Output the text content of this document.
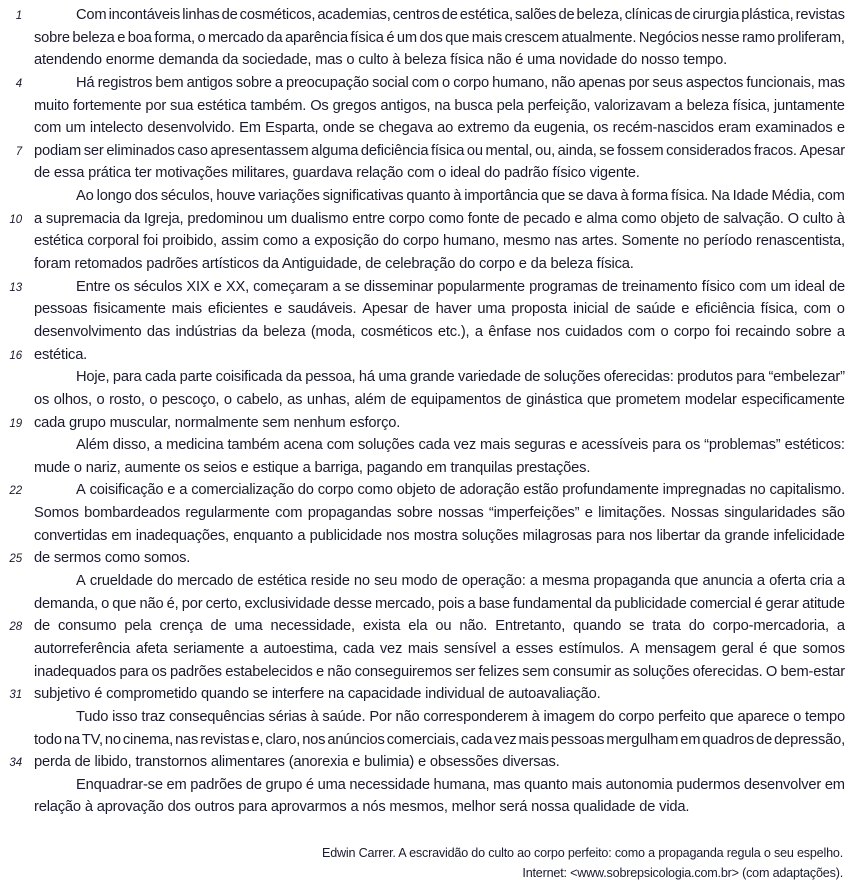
1	Com incontáveis linhas de cosméticos, academias, centros de estética, salões de beleza, clínicas de cirurgia plástica, revistas
sobre beleza e boa forma, o mercado da aparência física é um dos que mais crescem atualmente. Negócios nesse ramo proliferam,
atendendo enorme demanda da sociedade, mas o culto à beleza física não é uma novidade do nosso tempo.
4	Há registros bem antigos sobre a preocupação social com o corpo humano, não apenas por seus aspectos funcionais, mas
muito fortemente por sua estética também. Os gregos antigos, na busca pela perfeição, valorizavam a beleza física, juntamente
com um intelecto desenvolvido. Em Esparta, onde se chegava ao extremo da eugenia, os recém-nascidos eram examinados e
7 podiam ser eliminados caso apresentassem alguma deficiência física ou mental, ou, ainda, se fossem considerados fracos. Apesar
de essa prática ter motivações militares, guardava relação com o ideal do padrão físico vigente.
Ao longo dos séculos, houve variações significativas quanto à importância que se dava à forma física. Na Idade Média, com
10 a supremacia da Igreja, predominou um dualismo entre corpo como fonte de pecado e alma como objeto de salvação. O culto à
estética corporal foi proibido, assim como a exposição do corpo humano, mesmo nas artes. Somente no período renascentista,
foram retomados padrões artísticos da Antiguidade, de celebração do corpo e da beleza física.
13	Entre os séculos XIX e XX, começaram a se disseminar popularmente programas de treinamento físico com um ideal de
pessoas fisicamente mais eficientes e saudáveis. Apesar de haver uma proposta inicial de saúde e eficiência física, com o
desenvolvimento das indústrias da beleza (moda, cosméticos etc.), a ênfase nos cuidados com o corpo foi recaindo sobre a
16 estética.
Hoje, para cada parte coisificada da pessoa, há uma grande variedade de soluções oferecidas: produtos para “embelezar”
os olhos, o rosto, o pescoço, o cabelo, as unhas, além de equipamentos de ginástica que prometem modelar especificamente
19 cada grupo muscular, normalmente sem nenhum esforço.
Além disso, a medicina também acena com soluções cada vez mais seguras e acessíveis para os “problemas” estéticos:
mude o nariz, aumente os seios e estique a barriga, pagando em tranquilas prestações.
22	A coisificação e a comercialização do corpo como objeto de adoração estão profundamente impregnadas no capitalismo.
Somos bombardeados regularmente com propagandas sobre nossas “imperfeições” e limitações. Nossas singularidades são
convertidas em inadequações, enquanto a publicidade nos mostra soluções milagrosas para nos libertar da grande infelicidade
25 de sermos como somos.
A crueldade do mercado de estética reside no seu modo de operação: a mesma propaganda que anuncia a oferta cria a
demanda, o que não é, por certo, exclusividade desse mercado, pois a base fundamental da publicidade comercial é gerar atitude
28 de consumo pela crença de uma necessidade, exista ela ou não. Entretanto, quando se trata do corpo-mercadoria, a
autorreferência afeta seriamente a autoestima, cada vez mais sensível a esses estímulos. A mensagem geral é que somos
inadequados para os padrões estabelecidos e não conseguiremos ser felizes sem consumir as soluções oferecidas. O bem-estar
31 subjetivo é comprometido quando se interfere na capacidade individual de autoavaliação.
Tudo isso traz consequências sérias à saúde. Por não corresponderem à imagem do corpo perfeito que aparece o tempo
todo na TV, no cinema, nas revistas e, claro, nos anúncios comerciais, cada vez mais pessoas mergulham em quadros de depressão,
34 perda de libido, transtornos alimentares (anorexia e bulimia) e obsessões diversas.
Enquadrar-se em padrões de grupo é uma necessidade humana, mas quanto mais autonomia pudermos desenvolver em
relação à aprovação dos outros para aprovarmos a nós mesmos, melhor será nossa qualidade de vida.
Edwin Carrer. A escravidão do culto ao corpo perfeito: como a propaganda regula o seu espelho.
Internet: <www.sobrepsicologia.com.br> (com adaptações).
